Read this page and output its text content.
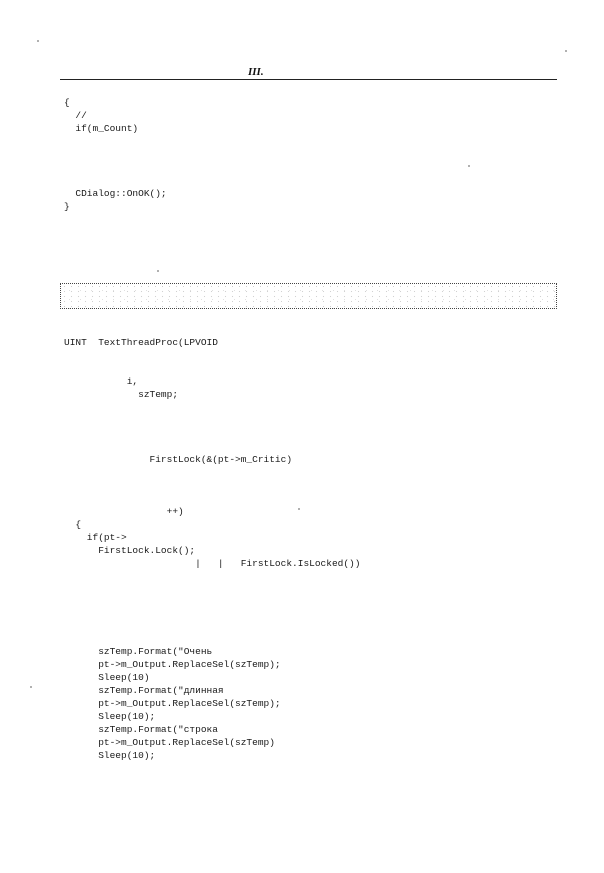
III.
{
//
if(m_Count)

CDialog::OnOK();
}
UINT  TextThreadProc(LPVOID

i,
szTemp;

FirstLock(&(pt->m_Critic)

++)
{
if(pt->
FirstLock.Lock();
|   |   FirstLock.IsLocked())
szTemp.Format("Очень
pt->m_Output.ReplaceSel(szTemp);
Sleep(10)
szTemp.Format("длинная
pt->m_Output.ReplaceSel(szTemp);
Sleep(10);
szTemp.Format("строка
pt->m_Output.ReplaceSel(szTemp)
Sleep(10);
